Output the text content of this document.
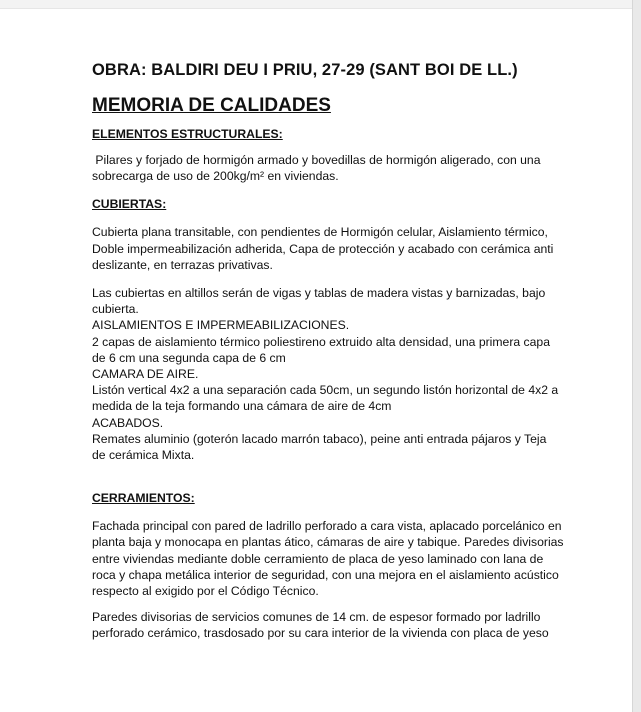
OBRA: BALDIRI DEU I PRIU, 27-29 (SANT BOI DE LL.)
MEMORIA DE CALIDADES
ELEMENTOS ESTRUCTURALES:

Pilares y forjado de hormigón armado y bovedillas de hormigón aligerado, con una
sobrecarga de uso de 200kg/m² en viviendas.

CUBIERTAS:

Cubierta plana transitable, con pendientes de Hormigón celular, Aislamiento térmico,
Doble impermeabilización adherida, Capa de protección y acabado con cerámica anti
deslizante, en terrazas privativas.

Las cubiertas en altillos serán de vigas y tablas de madera vistas y barnizadas, bajo
cubierta.
AISLAMIENTOS E IMPERMEABILIZACIONES.
2 capas de aislamiento térmico poliestireno extruido alta densidad, una primera capa
de 6 cm una segunda capa de 6 cm
CAMARA DE AIRE.
Listón vertical 4x2 a una separación cada 50cm, un segundo listón horizontal de 4x2 a
medida de la teja formando una cámara de aire de 4cm
ACABADOS.
Remates aluminio (goterón lacado marrón tabaco), peine anti entrada pájaros y Teja
de cerámica Mixta.

CERRAMIENTOS:

Fachada principal con pared de ladrillo perforado a cara vista, aplacado porcelánico en
planta baja y monocapa en plantas ático, cámaras de aire y tabique. Paredes divisorias
entre viviendas mediante doble cerramiento de placa de yeso laminado con lana de
roca y chapa metálica interior de seguridad, con una mejora en el aislamiento acústico
respecto al exigido por el Código Técnico.

Paredes divisorias de servicios comunes de 14 cm. de espesor formado por ladrillo
perforado cerámico, trasdosado por su cara interior de la vivienda con placa de yeso
